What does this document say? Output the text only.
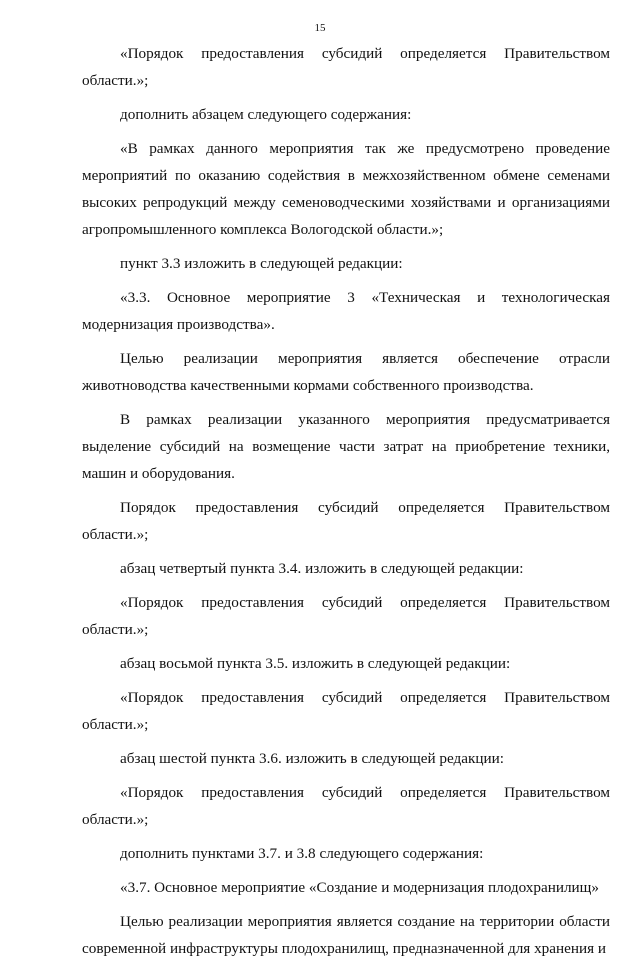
15

«Порядок предоставления субсидий определяется Правительством области.»;

дополнить абзацем следующего содержания:

«В рамках данного мероприятия так же предусмотрено проведение мероприятий по оказанию содействия в межхозяйственном обмене семенами высоких репродукций между семеноводческими хозяйствами и организациями агропромышленного комплекса Вологодской области.»;

пункт 3.3 изложить в следующей редакции:

«3.3. Основное мероприятие 3 «Техническая и технологическая модернизация производства».

Целью реализации мероприятия является обеспечение отрасли животноводства качественными кормами собственного производства.

В рамках реализации указанного мероприятия предусматривается выделение субсидий на возмещение части затрат на приобретение техники, машин и оборудования.

Порядок предоставления субсидий определяется Правительством области.»;

абзац четвертый пункта 3.4. изложить в следующей редакции:

«Порядок предоставления субсидий определяется Правительством области.»;

абзац восьмой пункта 3.5. изложить в следующей редакции:

«Порядок предоставления субсидий определяется Правительством области.»;

абзац шестой пункта 3.6. изложить в следующей редакции:

«Порядок предоставления субсидий определяется Правительством области.»;

дополнить пунктами 3.7. и 3.8 следующего содержания:

«3.7. Основное мероприятие «Создание и модернизация плодохранилищ»

Целью реализации мероприятия является создание на территории области современной инфраструктуры плодохранилищ, предназначенной для хранения и
